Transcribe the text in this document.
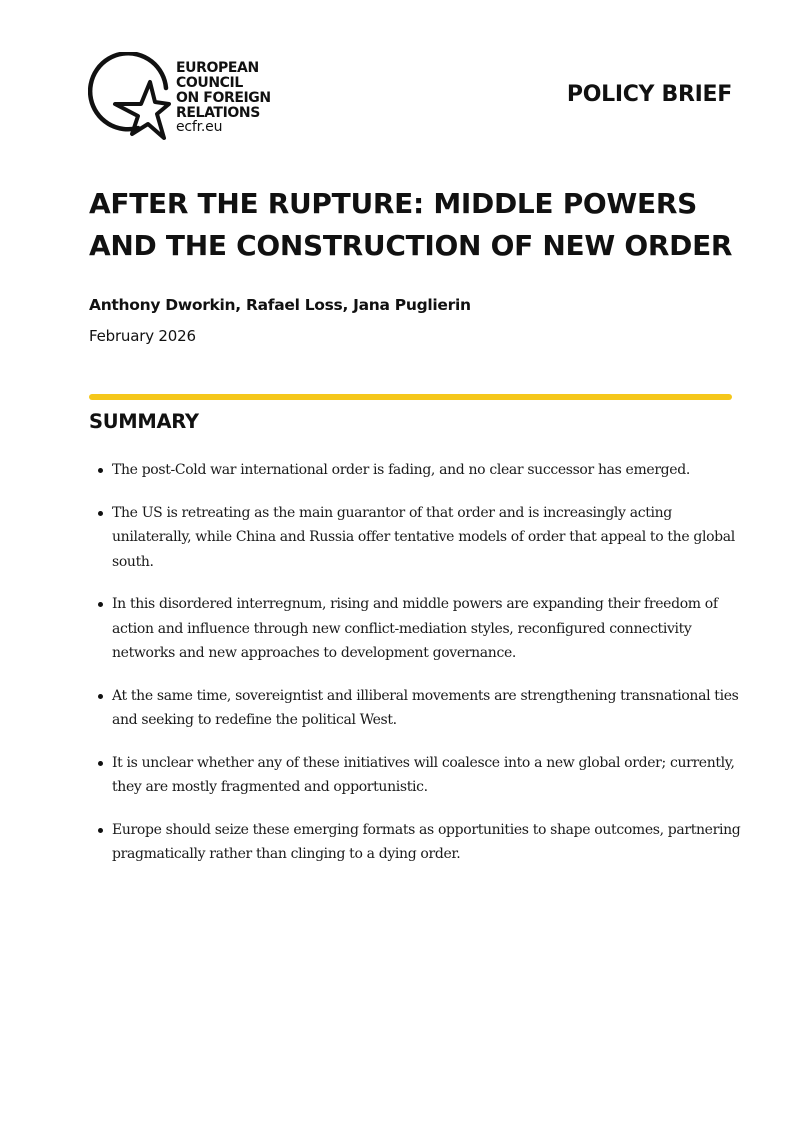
EUROPEAN
COUNCIL
ON FOREIGN
RELATIONS
ecfr.eu
POLICY BRIEF
AFTER THE RUPTURE: MIDDLE POWERS
AND THE CONSTRUCTION OF NEW ORDER
Anthony Dworkin, Rafael Loss, Jana Puglierin
February 2026
SUMMARY
The post‑Cold war international order is fading, and no clear successor has emerged.
The US is retreating as the main guarantor of that order and is increasingly acting unilaterally, while China and Russia offer tentative models of order that appeal to the global south.
In this disordered interregnum, rising and middle powers are expanding their freedom of action and influence through new conflict-mediation styles, reconfigured connectivity networks and new approaches to development governance.
At the same time, sovereigntist and illiberal movements are strengthening transnational ties and seeking to redefine the political West.
It is unclear whether any of these initiatives will coalesce into a new global order; currently, they are mostly fragmented and opportunistic.
Europe should seize these emerging formats as opportunities to shape outcomes, partnering pragmatically rather than clinging to a dying order.
